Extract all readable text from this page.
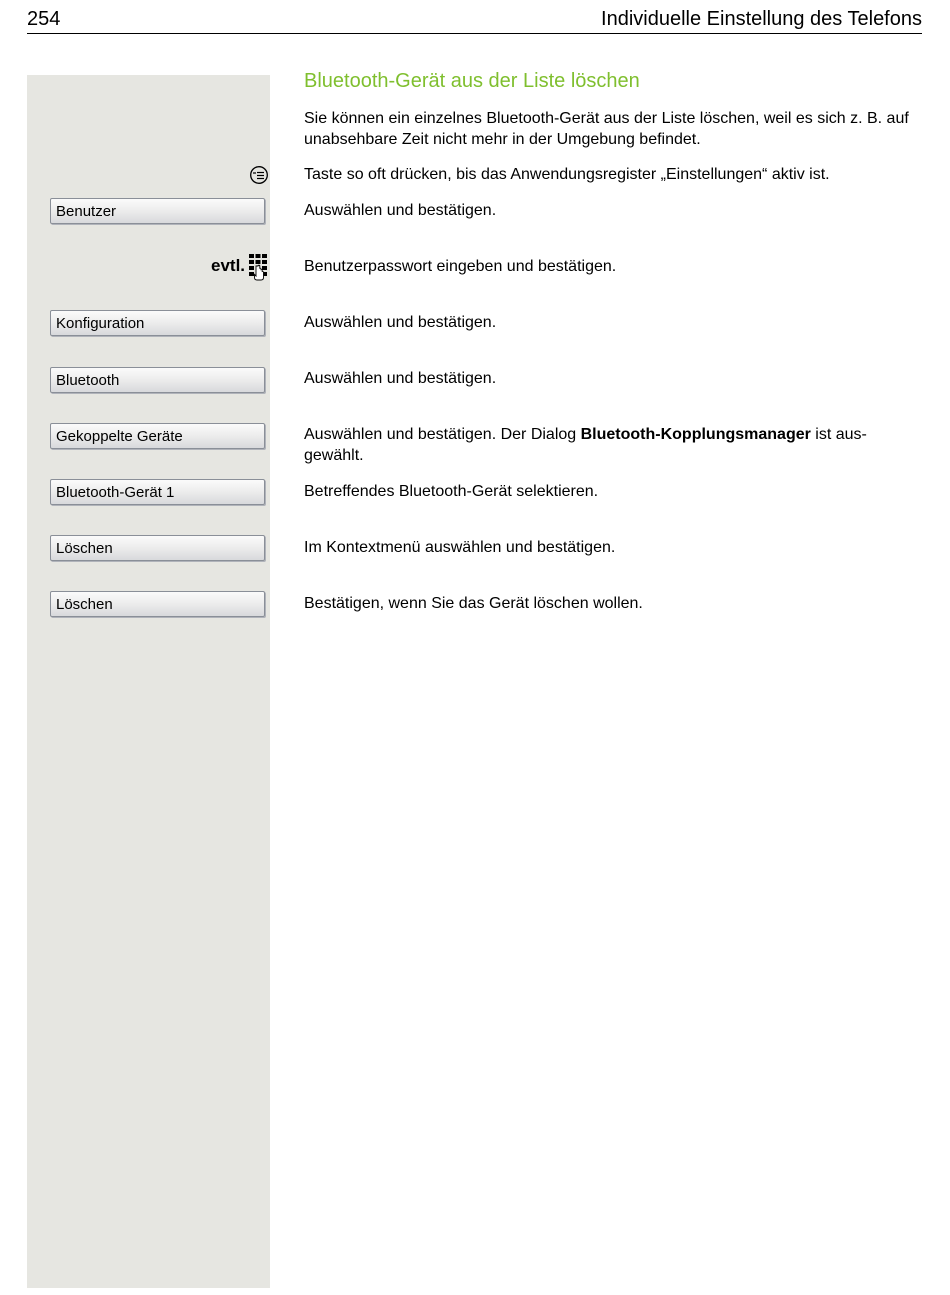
254	Individuelle Einstellung des Telefons
evtl.
Benutzer
Konfiguration
Bluetooth
Gekoppelte Geräte
Bluetooth-Gerät 1
Löschen
Löschen
Bluetooth-Gerät aus der Liste löschen
Sie können ein einzelnes Bluetooth-Gerät aus der Liste löschen, weil es sich z. B. auf unabsehbare Zeit nicht mehr in der Umgebung befindet.
Taste so oft drücken, bis das Anwendungsregister „Einstellungen“ aktiv ist.
Auswählen und bestätigen.
Benutzerpasswort eingeben und bestätigen.
Auswählen und bestätigen.
Auswählen und bestätigen.
Auswählen und bestätigen. Der Dialog Bluetooth-Kopplungsmanager ist aus-gewählt.
Betreffendes Bluetooth-Gerät selektieren.
Im Kontextmenü auswählen und bestätigen.
Bestätigen, wenn Sie das Gerät löschen wollen.
